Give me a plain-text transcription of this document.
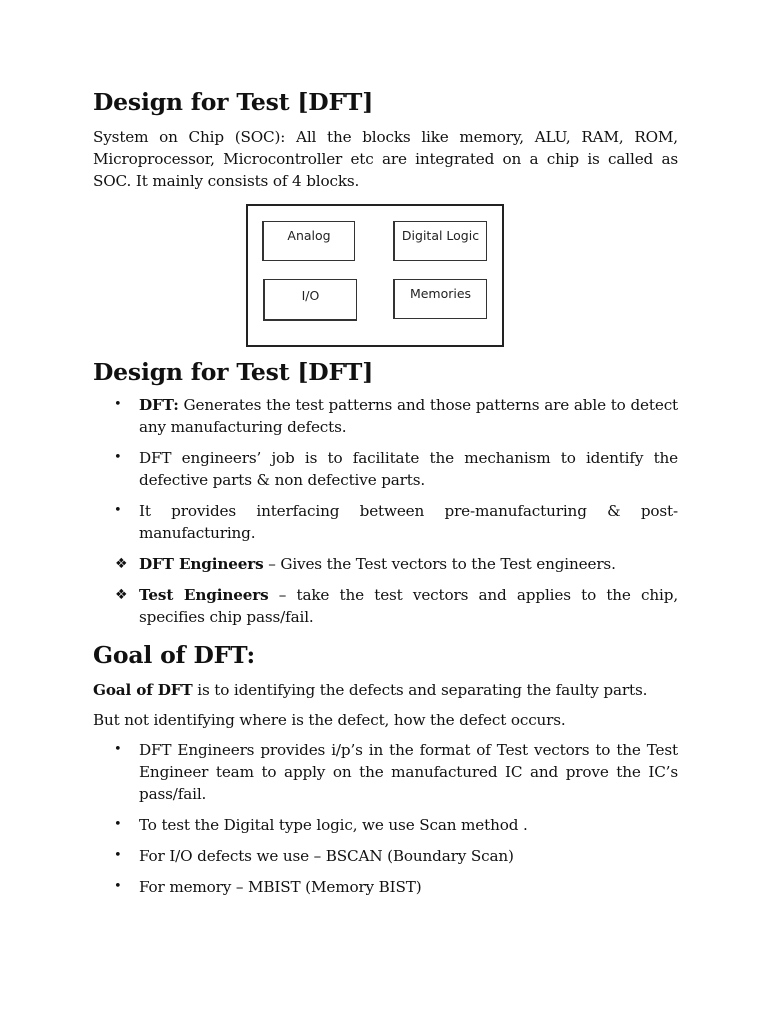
Design for Test [DFT]

System on Chip (SOC): All the blocks like memory, ALU, RAM, ROM, Microprocessor, Microcontroller etc are integrated on a chip is called as SOC. It mainly consists of 4 blocks.

Analog	Digital Logic
I/O	Memories
Design for Test [DFT]
• DFT: Generates the test patterns and those patterns are able to detect any manufacturing defects.
• DFT engineers’ job is to facilitate the mechanism to identify the defective parts & non defective parts.
• It provides interfacing between pre-manufacturing & post-manufacturing.
❖ DFT Engineers – Gives the Test vectors to the Test engineers.
❖ Test Engineers – take the test vectors and applies to the chip, specifies chip pass/fail.
Goal of DFT:

Goal of DFT is to identifying the defects and separating the faulty parts.

But not identifying where is the defect, how the defect occurs.

• DFT Engineers provides i/p’s in the format of Test vectors to the Test Engineer team to apply on the manufactured IC and prove the IC’s pass/fail.
• To test the Digital type logic, we use Scan method .
• For I/O defects we use – BSCAN (Boundary Scan)
• For memory – MBIST (Memory BIST)
